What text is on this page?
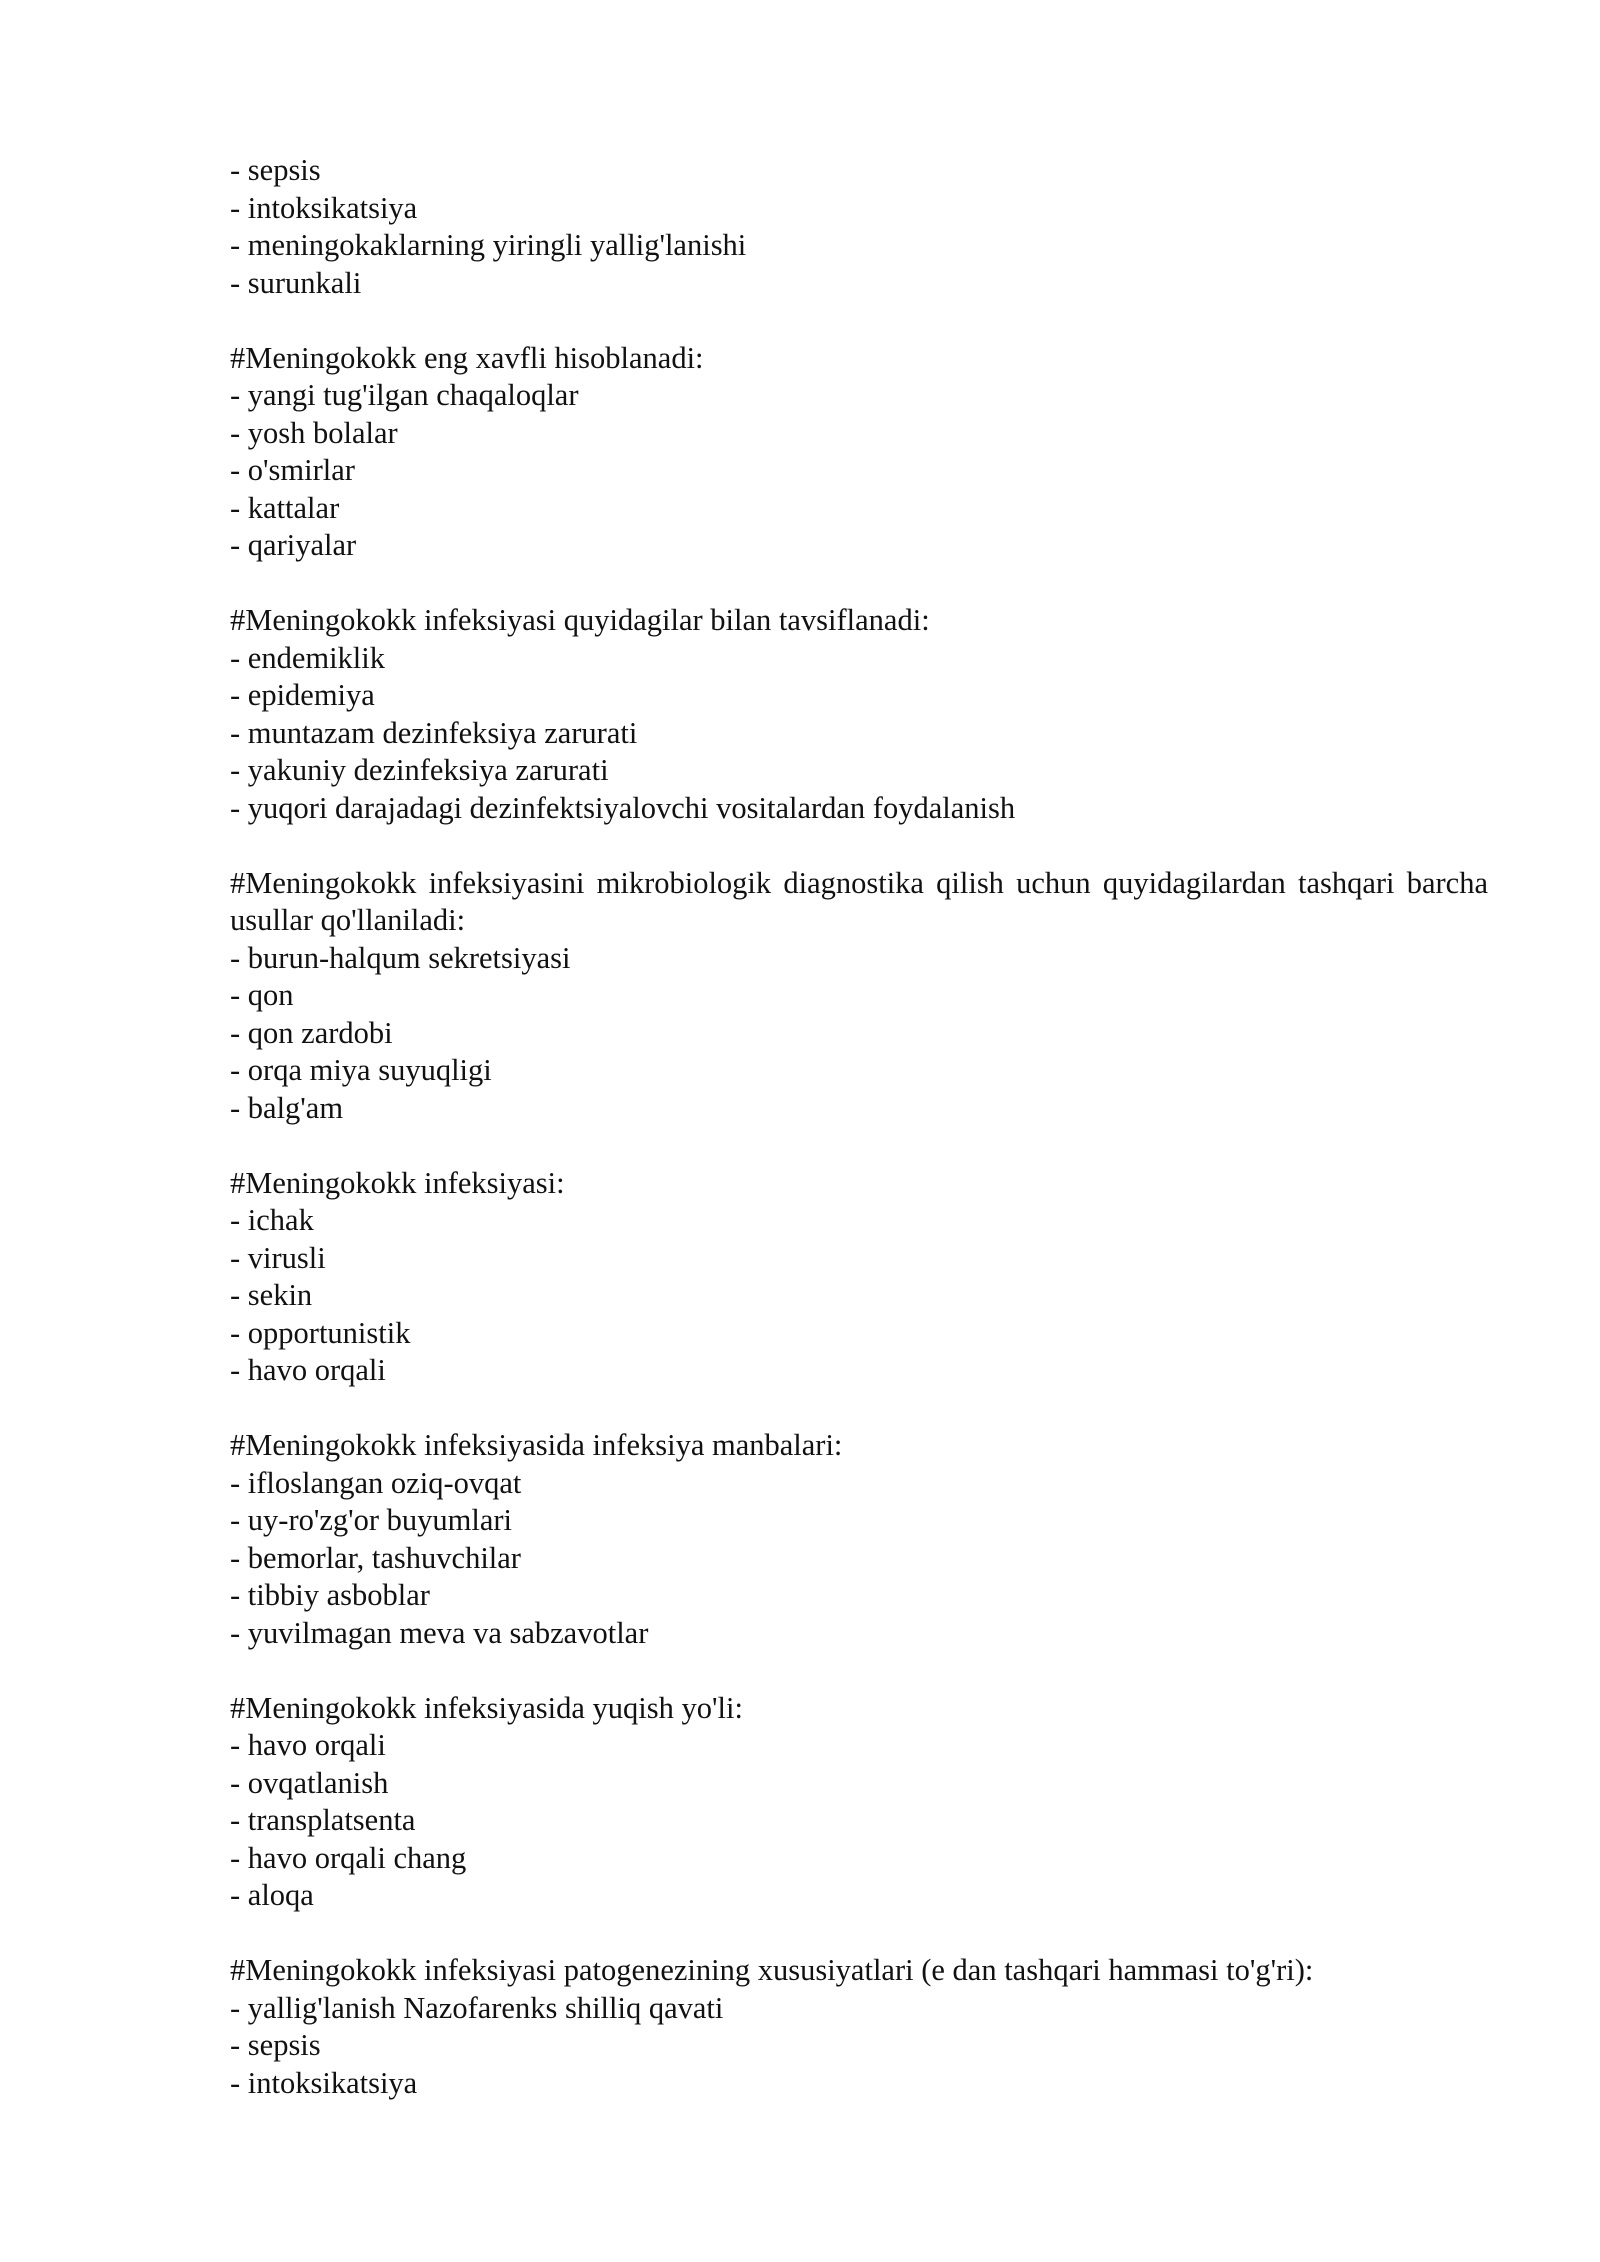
- sepsis
- intoksikatsiya
- meningokaklarning yiringli yallig'lanishi
- surunkali
#Meningokokk eng xavfli hisoblanadi:
- yangi tug'ilgan chaqaloqlar
- yosh bolalar
- o'smirlar
- kattalar
- qariyalar
#Meningokokk infeksiyasi quyidagilar bilan tavsiflanadi:
- endemiklik
- epidemiya
- muntazam dezinfeksiya zarurati
- yakuniy dezinfeksiya zarurati
- yuqori darajadagi dezinfektsiyalovchi vositalardan foydalanish
#Meningokokk infeksiyasini mikrobiologik diagnostika qilish uchun quyidagilardan tashqari barcha usullar qo'llaniladi:
- burun-halqum sekretsiyasi
- qon
- qon zardobi
- orqa miya suyuqligi
- balg'am
#Meningokokk infeksiyasi:
- ichak
- virusli
- sekin
- opportunistik
- havo orqali
#Meningokokk infeksiyasida infeksiya manbalari:
- ifloslangan oziq-ovqat
- uy-ro'zg'or buyumlari
- bemorlar, tashuvchilar
- tibbiy asboblar
- yuvilmagan meva va sabzavotlar
#Meningokokk infeksiyasida yuqish yo'li:
- havo orqali
- ovqatlanish
- transplatsenta
- havo orqali chang
- aloqa
#Meningokokk infeksiyasi patogenezining xususiyatlari (e dan tashqari hammasi to'g'ri):
- yallig'lanish Nazofarenks shilliq qavati
- sepsis
- intoksikatsiya
